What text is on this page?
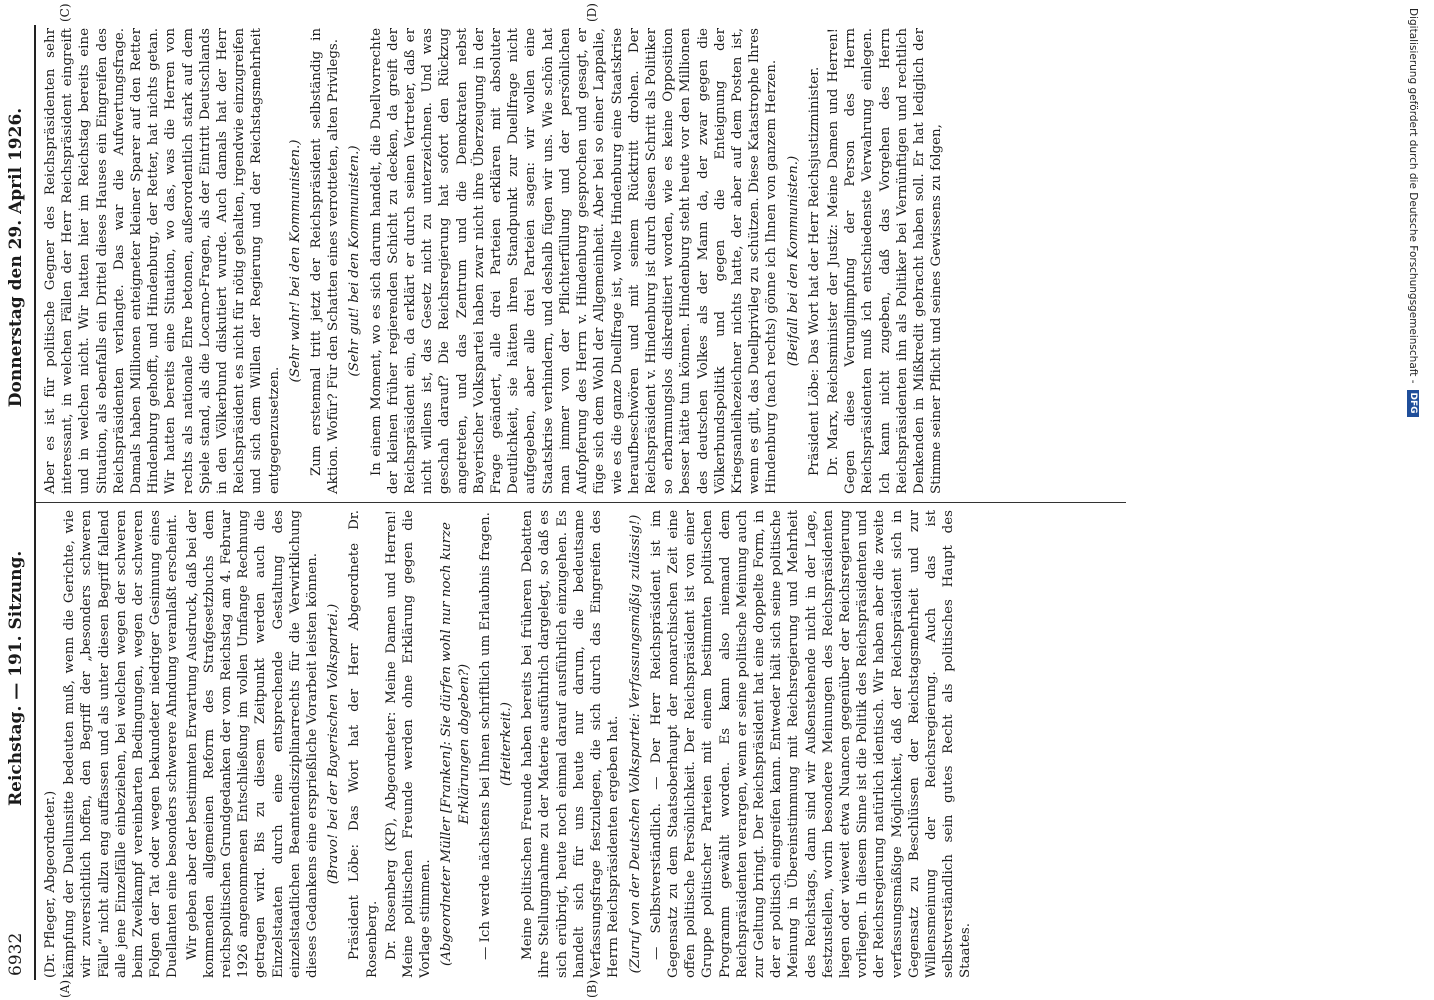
6932
Reichstag. — 191. Sitzung.
Donnerstag den 29. April 1926.
(A)	(B)
(C)	(D)

(Dr. Pfleger, Abgeordneter.) kämpfung der Duellunsitte bedeuten muß, wenn die Gerichte, wie wir zuversichtlich hoffen, den Begriff der „besonders schweren Fälle“ nicht allzu eng auffassen und als unter diesen Begriff fallend alle jene Einzelfälle einbeziehen, bei welchen wegen der schweren beim Zweikampf vereinbarten Bedingungen, wegen der schweren Folgen der Tat oder wegen bekundeter niedriger Gesinnung eines Duellanten eine besonders schwerere Ahndung veranlaßt erscheint. Wir geben aber der bestimmten Erwartung Ausdruck, daß bei der kommenden allgemeinen Reform des Strafgesetzbuchs dem reichspolitischen Grundgedanken der vom Reichstag am 4. Februar 1926 angenommenen Entschließung im vollen Umfange Rechnung getragen wird. Bis zu diesem Zeitpunkt werden auch die Einzelstaaten durch eine entsprechende Gestaltung des einzelstaatlichen Beamtendisziplinarrechts für die Verwirklichung dieses Gedankens eine ersprießliche Vorarbeit leisten können. (Bravo! bei der Bayerischen Volkspartei.) Präsident Löbe: Das Wort hat der Herr Abgeordnete Dr. Rosenberg. Dr. Rosenberg (KP), Abgeordneter: Meine Damen und Herren! Meine politischen Freunde werden ohne Erklärung gegen die Vorlage stimmen. (Abgeordneter Müller [Franken]: Sie dürfen wohl nur noch kurze Erklärungen abgeben?) — Ich werde nächstens bei Ihnen schriftlich um Erlaubnis fragen. (Heiterkeit.) Meine politischen Freunde haben bereits bei früheren Debatten ihre Stellungnahme zu der Materie ausführlich dargelegt, so daß es sich erübrigt, heute noch einmal darauf ausführlich einzugehen. Es handelt sich für uns heute nur darum, die bedeutsame Verfassungsfrage festzulegen, die sich durch das Eingreifen des Herrn Reichspräsidenten ergeben hat. (Zuruf von der Deutschen Volkspartei: Verfassungsmäßig zulässig!) — Selbstverständlich. — Der Herr Reichspräsident ist im Gegensatz zu dem Staatsoberhaupt der monarchischen Zeit eine offen politische Persönlichkeit. Der Reichspräsident ist von einer Gruppe politischer Parteien mit einem bestimmten politischen Programm gewählt worden. Es kann also niemand dem Reichspräsidenten verargen, wenn er seine politische Meinung auch zur Geltung bringt. Der Reichspräsident hat eine doppelte Form, in der er politisch eingreifen kann. Entweder hält sich seine politische Meinung in Übereinstimmung mit Reichsregierung und Mehrheit des Reichstags, dann sind wir Außenstehende nicht in der Lage, festzustellen, worin besondere Meinungen des Reichspräsidenten liegen oder wieweit etwa Nuancen gegenüber der Reichsregierung vorliegen. In diesem Sinne ist die Politik des Reichspräsidenten und der Reichsregierung natürlich identisch. Wir haben aber die zweite verfassungsmäßige Möglichkeit, daß der Reichspräsident sich in Gegensatz zu Beschlüssen der Reichstagsmehrheit und zur Willensmeinung der Reichsregierung. Auch das ist selbstverständlich sein gutes Recht als politisches Haupt des Staates.

Aber es ist für politische Gegner des Reichspräsidenten sehr interessant, in welchen Fällen der Herr Reichspräsident eingreift und in welchen nicht. Wir hatten hier im Reichstag bereits eine Situation, als ebenfalls ein Drittel dieses Hauses ein Eingreifen des Reichspräsidenten verlangte. Das war die Aufwertungsfrage. Damals haben Millionen enteigneter kleiner Sparer auf den Retter Hindenburg gehofft, und Hindenburg, der Retter, hat nichts getan. Wir hatten bereits eine Situation, wo das, was die Herren von rechts als nationale Ehre betonen, außerordentlich stark auf dem Spiele stand, als die Locarno-Fragen, als der Eintritt Deutschlands in den Völkerbund diskutiert wurde. Auch damals hat der Herr Reichspräsident es nicht für nötig gehalten, irgendwie einzugreifen und sich dem Willen der Regierung und der Reichstagsmehrheit entgegenzusetzen.

(Sehr wahr! bei den Kommunisten.) Zum erstenmal tritt jetzt der Reichspräsident selbständig in Aktion. Wofür? Für den Schatten eines verrotteten, alten Privilegs. (Sehr gut! bei den Kommunisten.) In einem Moment, wo es sich darum handelt, die Duellvorrechte der kleinen früher regierenden Schicht zu decken, da greift der Reichspräsident ein, da erklärt er durch seinen Vertreter, daß er nicht willens ist, das Gesetz nicht zu unterzeichnen. Und was geschah darauf? Die Reichsregierung hat sofort den Rückzug angetreten, und das Zentrum und die Demokraten nebst Bayerischer Volkspartei haben zwar nicht ihre Überzeugung in der Frage geändert, alle drei Parteien erklären mit absoluter Deutlichkeit, sie hätten ihren Standpunkt zur Duellfrage nicht aufgegeben, aber alle drei Parteien sagen: wir wollen eine Staatskrise verhindern, und deshalb fügen wir uns. Wie schön hat man immer von der Pflichterfüllung und der persönlichen Aufopferung des Herrn v. Hindenburg gesprochen und gesagt, er füge sich dem Wohl der Allgemeinheit. Aber bei so einer Lappalie, wie es die ganze Duellfrage ist, wollte Hindenburg eine Staatskrise heraufbeschwören und mit seinem Rücktritt drohen. Der Reichspräsident v. Hindenburg ist durch diesen Schritt als Politiker so erbarmungslos diskreditiert worden, wie es keine Opposition besser hätte tun können. Hindenburg steht heute vor den Millionen des deutschen Volkes als der Mann da, der zwar gegen die Völkerbundspolitik und gegen die Enteignung der Kriegsanleihezeichner nichts hatte, der aber auf dem Posten ist, wenn es gilt, das Duellprivileg zu schützen. Diese Katastrophe Ihres Hindenburg (nach rechts) gönne ich Ihnen von ganzem Herzen. (Beifall bei den Kommunisten.) Präsident Löbe: Das Wort hat der Herr Reichsjustizminister. Dr. Marx, Reichsminister der Justiz: Meine Damen und Herren! Gegen diese Verunglimpfung der Person des Herrn Reichspräsidenten muß ich entschiedenste Verwahrung einlegen. Ich kann nicht zugeben, daß das Vorgehen des Herrn Reichspräsidenten ihn als Politiker bei Vernünftigen und rechtlich Denkenden in Mißkredit gebracht haben soll. Er hat lediglich der Stimme seiner Pflicht und seines Gewissens zu folgen,	Digitalisierung gefördert durch die Deutsche Forschungsgemeinschaft -
DFG
